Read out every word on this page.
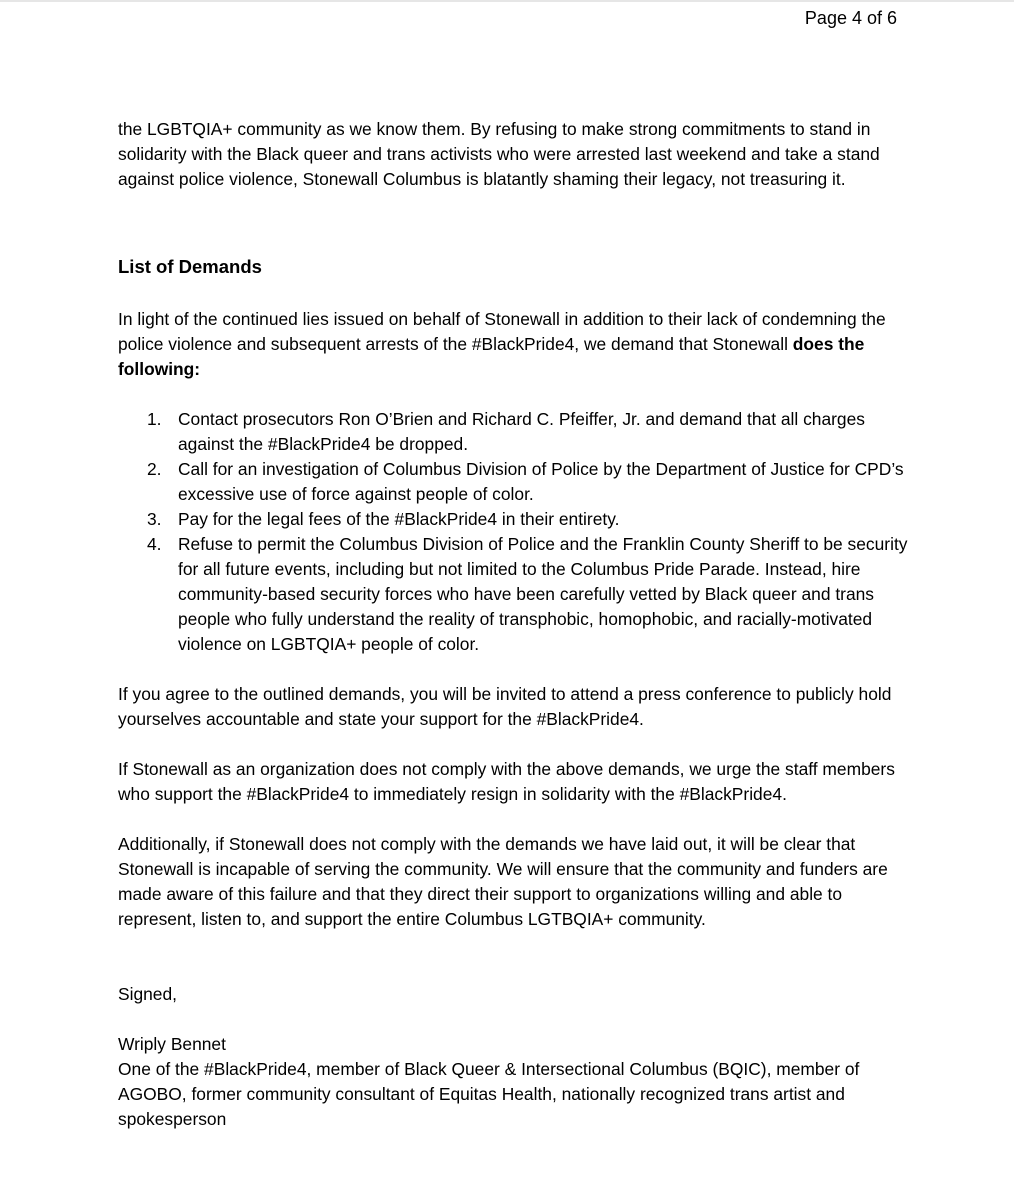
Page 4 of 6

the LGBTQIA+ community as we know them. By refusing to make strong commitments to stand in solidarity with the Black queer and trans activists who were arrested last weekend and take a stand against police violence, Stonewall Columbus is blatantly shaming their legacy, not treasuring it.

List of Demands

In light of the continued lies issued on behalf of Stonewall in addition to their lack of condemning the police violence and subsequent arrests of the #BlackPride4, we demand that Stonewall does the following:

1. Contact prosecutors Ron O’Brien and Richard C. Pfeiffer, Jr. and demand that all charges against the #BlackPride4 be dropped.
2. Call for an investigation of Columbus Division of Police by the Department of Justice for CPD’s excessive use of force against people of color.
3. Pay for the legal fees of the #BlackPride4 in their entirety.
4. Refuse to permit the Columbus Division of Police and the Franklin County Sheriff to be security for all future events, including but not limited to the Columbus Pride Parade. Instead, hire community-based security forces who have been carefully vetted by Black queer and trans people who fully understand the reality of transphobic, homophobic, and racially-motivated violence on LGBTQIA+ people of color.

If you agree to the outlined demands, you will be invited to attend a press conference to publicly hold yourselves accountable and state your support for the #BlackPride4.

If Stonewall as an organization does not comply with the above demands, we urge the staff members who support the #BlackPride4 to immediately resign in solidarity with the #BlackPride4.

Additionally, if Stonewall does not comply with the demands we have laid out, it will be clear that Stonewall is incapable of serving the community. We will ensure that the community and funders are made aware of this failure and that they direct their support to organizations willing and able to represent, listen to, and support the entire Columbus LGTBQIA+ community.

Signed,

Wriply Bennet

One of the #BlackPride4, member of Black Queer & Intersectional Columbus (BQIC), member of AGOBO, former community consultant of Equitas Health, nationally recognized trans artist and spokesperson
